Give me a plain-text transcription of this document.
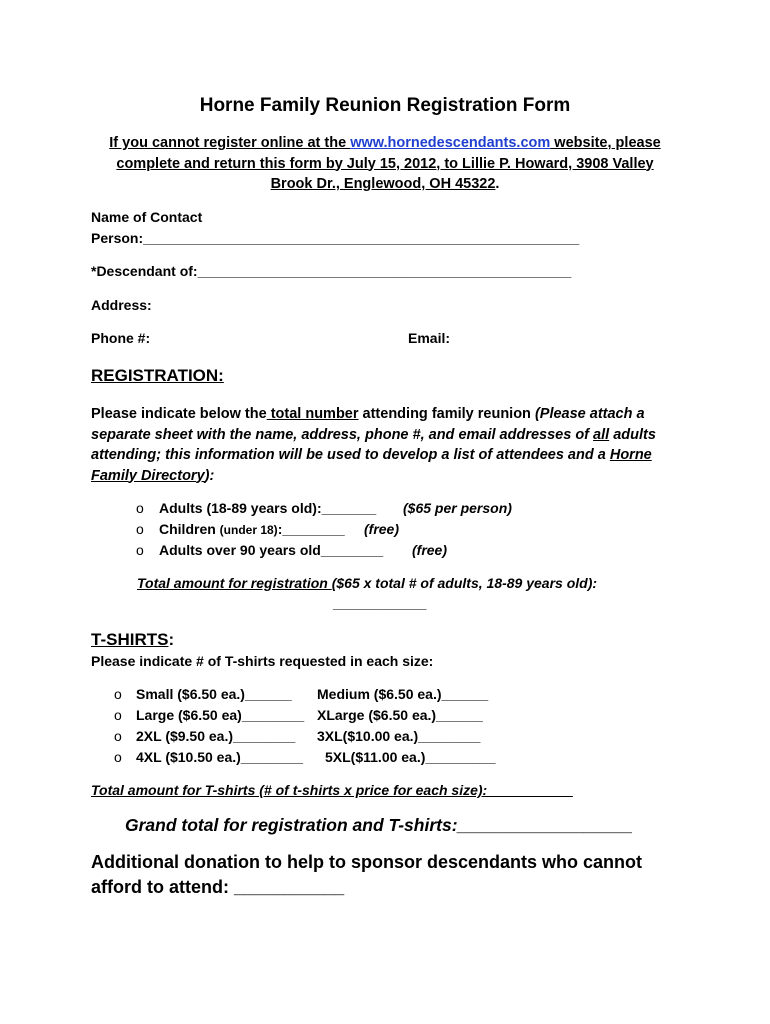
Horne Family Reunion Registration Form
If you cannot register online at the www.hornedescendants.com website, please
complete and return this form by July 15, 2012, to Lillie P. Howard, 3908 Valley
Brook Dr., Englewood, OH 45322.
Name of Contact
Person:________________________________________________________
*Descendant of:________________________________________________
Address:
Phone #:	Email:
REGISTRATION:
Please indicate below the total number attending family reunion (Please attach a
separate sheet with the name, address, phone #, and email addresses of all adults
attending; this information will be used to develop a list of attendees and a Horne
Family Directory):
o Adults (18-89 years old):_______ ($65 per person)
o Children (under 18):________ (free)
o Adults over 90 years old________ (free)
Total amount for registration ($65 x total # of adults, 18-89 years old):
____________
T-SHIRTS:
Please indicate # of T-shirts requested in each size:
o Small ($6.50 ea.)______ Medium ($6.50 ea.)______
o Large ($6.50 ea)________ XLarge ($6.50 ea.)______
o 2XL ($9.50 ea.)________ 3XL($10.00 ea.)________
o 4XL ($10.50 ea.)________ 5XL($11.00 ea.)_________
Total amount for T-shirts (# of t-shirts x price for each size):___________
Grand total for registration and T-shirts:__________________
Additional donation to help to sponsor descendants who cannot
afford to attend: ___________
